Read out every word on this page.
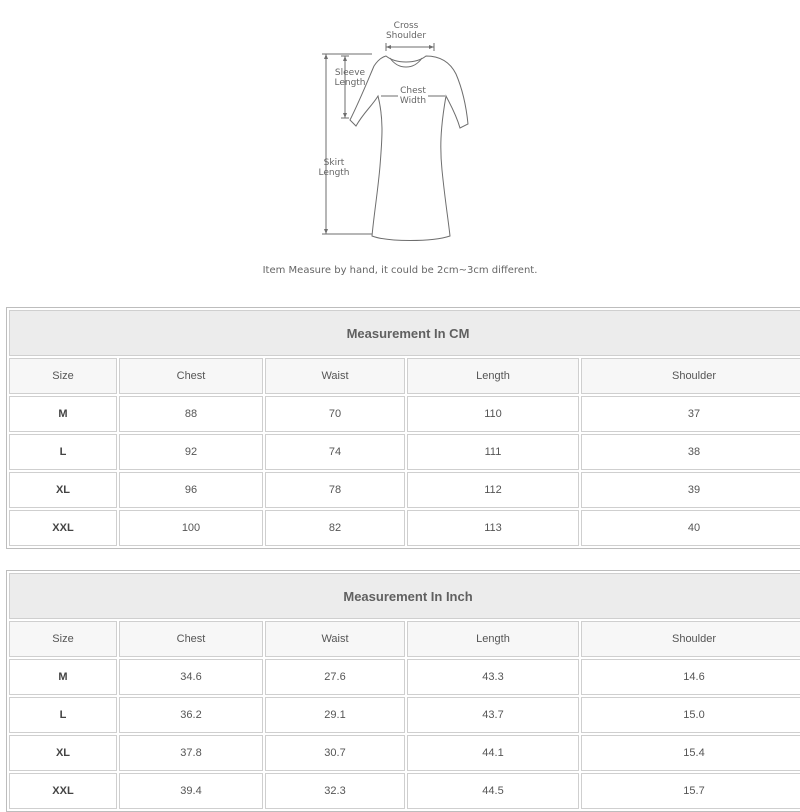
Cross
Shoulder
Sleeve
Length
Chest
Width
Skirt
Length
Item Measure by hand, it could be 2cm~3cm different.
Measurement In CM				
Size	Chest	Waist	Length	Shoulder
M	88	70	110	37
L	92	74	111	38
XL	96	78	112	39
XXL	100	82	113	40
Measurement In Inch				
Size	Chest	Waist	Length	Shoulder
M	34.6	27.6	43.3	14.6
L	36.2	29.1	43.7	15.0
XL	37.8	30.7	44.1	15.4
XXL	39.4	32.3	44.5	15.7
